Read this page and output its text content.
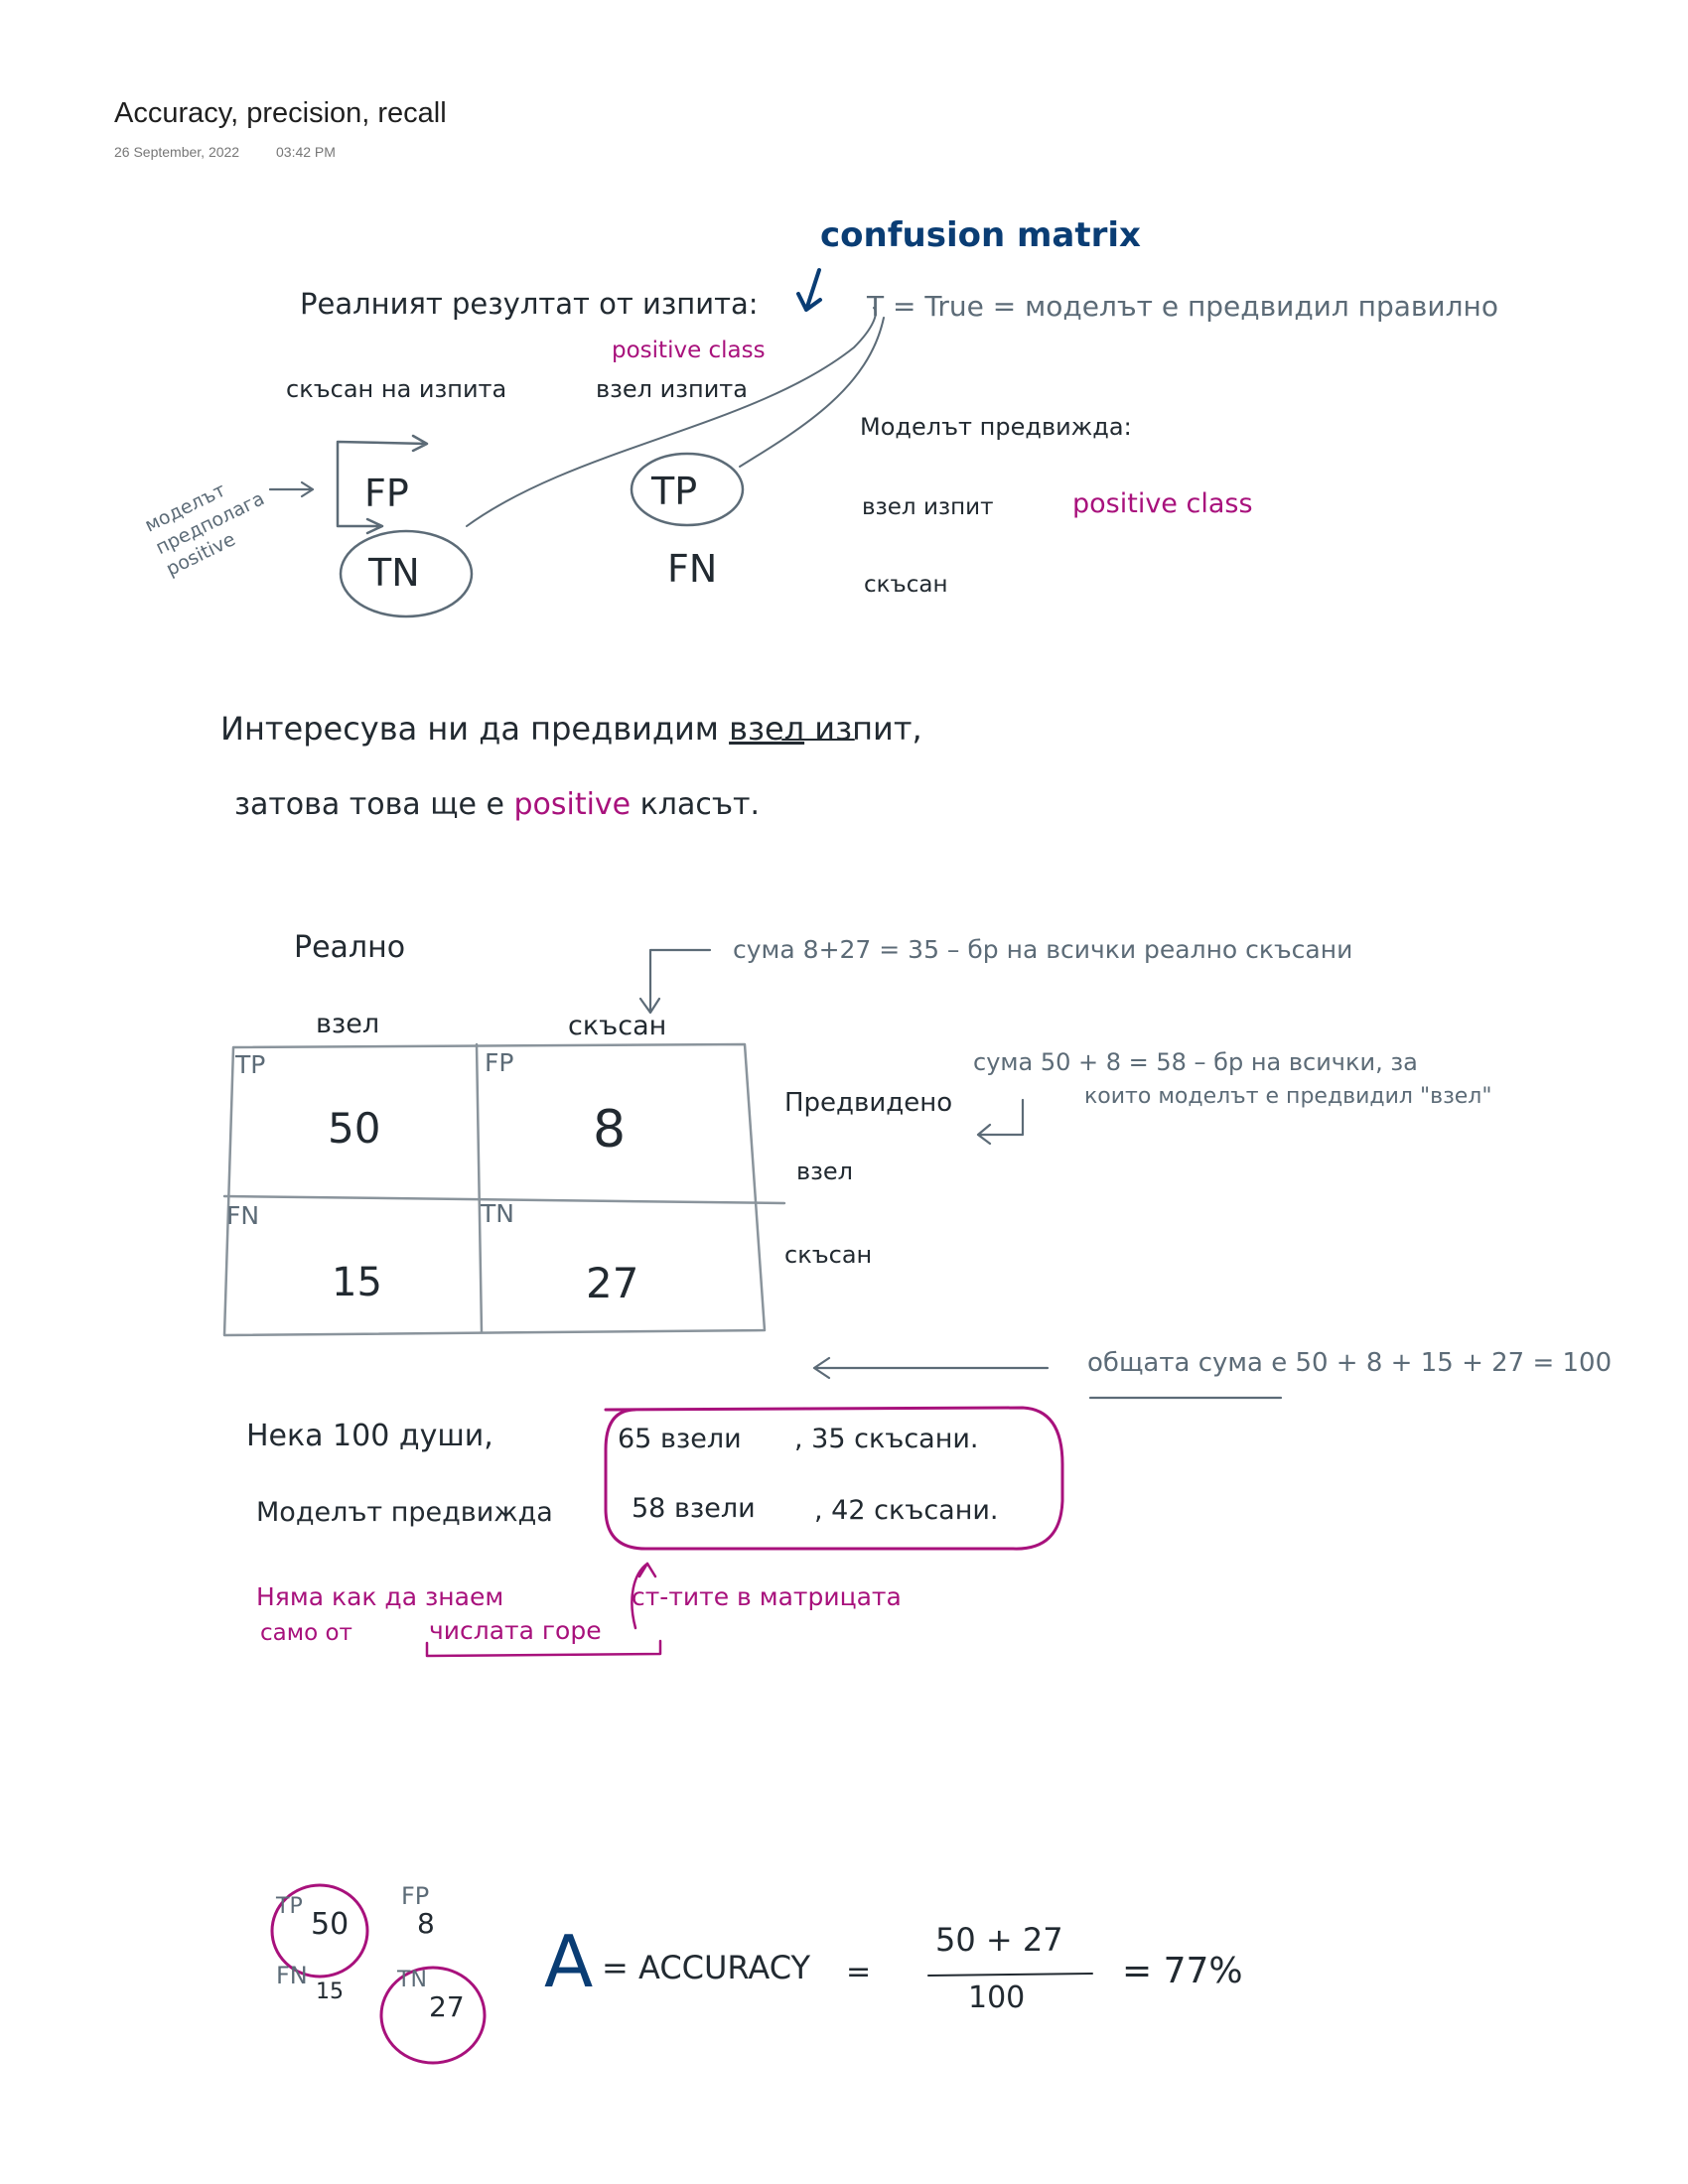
Accuracy, precision, recall
26 September, 2022	03:42 PM
confusion matrix
Реалният резултат от изпита:	T = True = моделът е предвидил правилно
positive class
скъсан на изпита	взел изпита
Моделът предвижда:
взел изпит	positive class
скъсан
моделът предполага positive
FP	TP
TN	FN
Интересува ни да предвидим взел изпит,
затова това ще е positive класът.
Реално	сума 8+27 = 35 – бр на всички реално скъсани
взел	скъсан
TP	FP
50	8
FN	TN
15	27
сума 50 + 8 = 58 – бр на всички, за
които моделът е предвидил "взел"
Предвидено
взел
скъсан
общата сума е 50 + 8 + 15 + 27 = 100
Нека 100 души,
Моделът предвижда
65 взели , 35 скъсани.
58 взели , 42 скъсани.
Няма как да знаем	ст-тите в матрицата
само от	числата горе
TP
50
FP
8
FN
15 TN
27
A = ACCURACY =
50 + 27
100
= 77%
